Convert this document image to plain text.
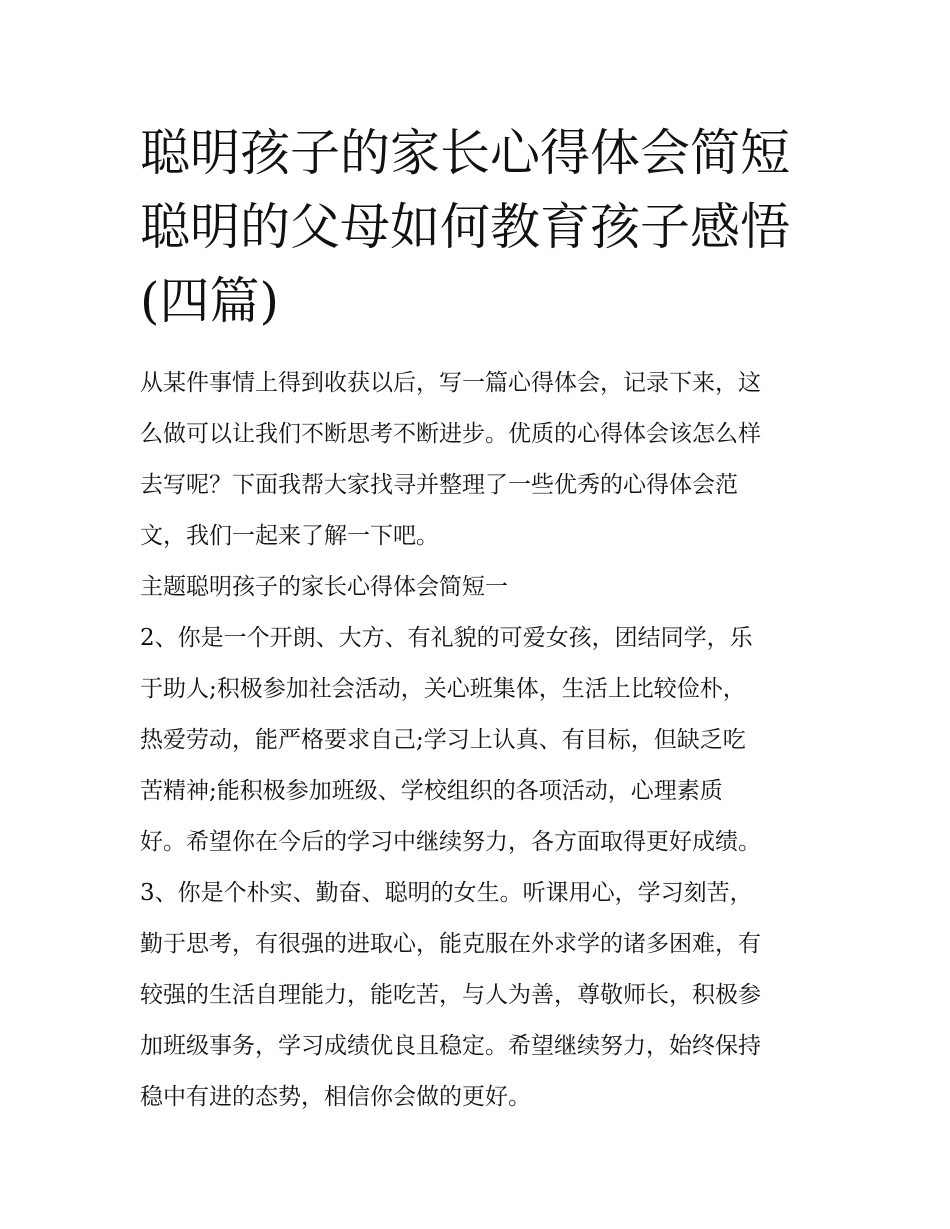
聪明孩子的家长心得体会简短
聪明的父母如何教育孩子感悟
(四篇)
从某件事情上得到收获以后，写一篇心得体会，记录下来，这
么做可以让我们不断思考不断进步。优质的心得体会该怎么样
去写呢？下面我帮大家找寻并整理了一些优秀的心得体会范
文，我们一起来了解一下吧。
主题聪明孩子的家长心得体会简短一
2、你是一个开朗、大方、有礼貌的可爱女孩，团结同学，乐
于助人;积极参加社会活动，关心班集体，生活上比较俭朴，
热爱劳动，能严格要求自己;学习上认真、有目标，但缺乏吃
苦精神;能积极参加班级、学校组织的各项活动，心理素质
好。希望你在今后的学习中继续努力，各方面取得更好成绩。
3、你是个朴实、勤奋、聪明的女生。听课用心，学习刻苦，
勤于思考，有很强的进取心，能克服在外求学的诸多困难，有
较强的生活自理能力，能吃苦，与人为善，尊敬师长，积极参
加班级事务，学习成绩优良且稳定。希望继续努力，始终保持
稳中有进的态势，相信你会做的更好。
